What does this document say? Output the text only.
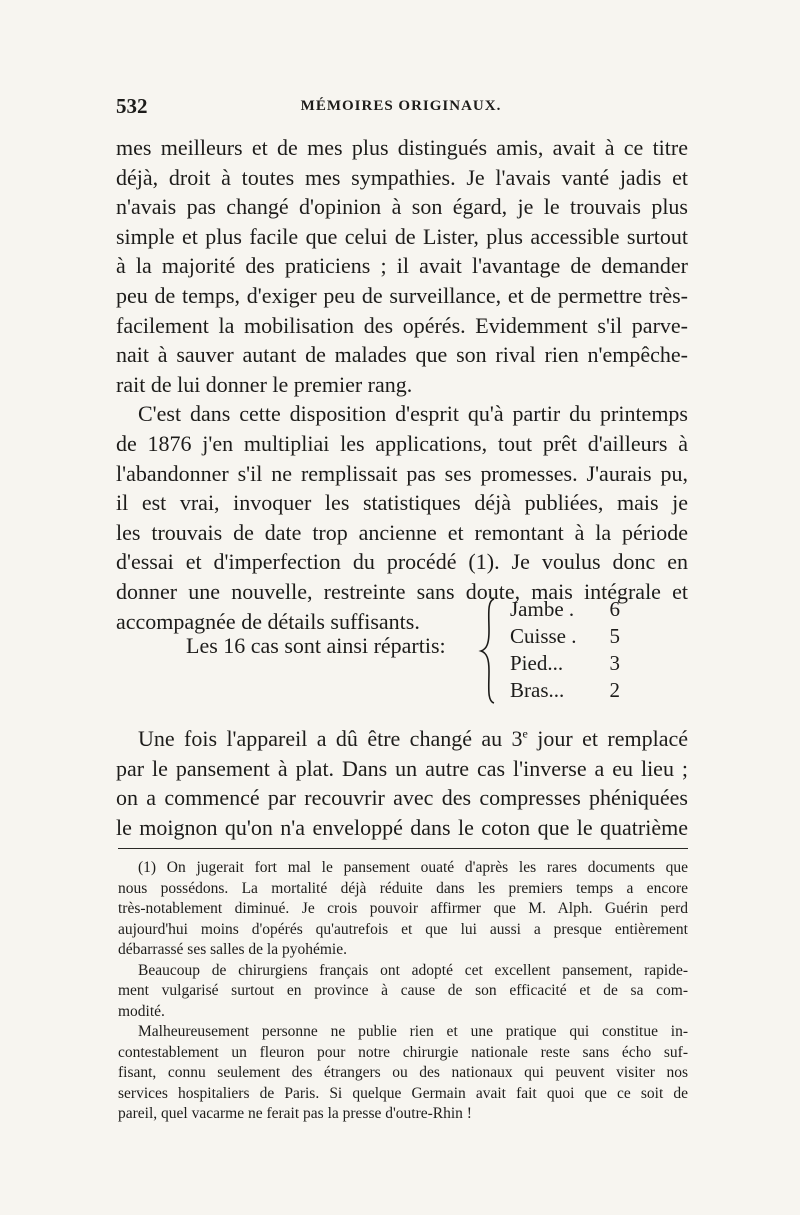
532	MÉMOIRES ORIGINAUX.
mes meilleurs et de mes plus distingués amis, avait à ce titre
déjà, droit à toutes mes sympathies. Je l'avais vanté jadis et
n'avais pas changé d'opinion à son égard, je le trouvais plus
simple et plus facile que celui de Lister, plus accessible surtout
à la majorité des praticiens ; il avait l'avantage de demander
peu de temps, d'exiger peu de surveillance, et de permettre très-
facilement la mobilisation des opérés. Evidemment s'il parve-
nait à sauver autant de malades que son rival rien n'empêche-
rait de lui donner le premier rang.
C'est dans cette disposition d'esprit qu'à partir du printemps
de 1876 j'en multipliai les applications, tout prêt d'ailleurs à
l'abandonner s'il ne remplissait pas ses promesses. J'aurais pu,
il est vrai, invoquer les statistiques déjà publiées, mais je
les trouvais de date trop ancienne et remontant à la période
d'essai et d'imperfection du procédé (1). Je voulus donc en
donner une nouvelle, restreinte sans doute, mais intégrale et
accompagnée de détails suffisants.
Les 16 cas sont ainsi répartis:
Jambe . 6
Cuisse . 5
Pied... 3
Bras... 2
Une fois l'appareil a dû être changé au 3e jour et remplacé
par le pansement à plat. Dans un autre cas l'inverse a eu lieu ;
on a commencé par recouvrir avec des compresses phéniquées
le moignon qu'on n'a enveloppé dans le coton que le quatrième
(1) On jugerait fort mal le pansement ouaté d'après les rares documents que
nous possédons. La mortalité déjà réduite dans les premiers temps a encore
très-notablement diminué. Je crois pouvoir affirmer que M. Alph. Guérin perd
aujourd'hui moins d'opérés qu'autrefois et que lui aussi a presque entièrement
débarrassé ses salles de la pyohémie.
Beaucoup de chirurgiens français ont adopté cet excellent pansement, rapide-
ment vulgarisé surtout en province à cause de son efficacité et de sa com-
modité.
Malheureusement personne ne publie rien et une pratique qui constitue in-
contestablement un fleuron pour notre chirurgie nationale reste sans écho suf-
fisant, connu seulement des étrangers ou des nationaux qui peuvent visiter nos
services hospitaliers de Paris. Si quelque Germain avait fait quoi que ce soit de
pareil, quel vacarme ne ferait pas la presse d'outre-Rhin !
